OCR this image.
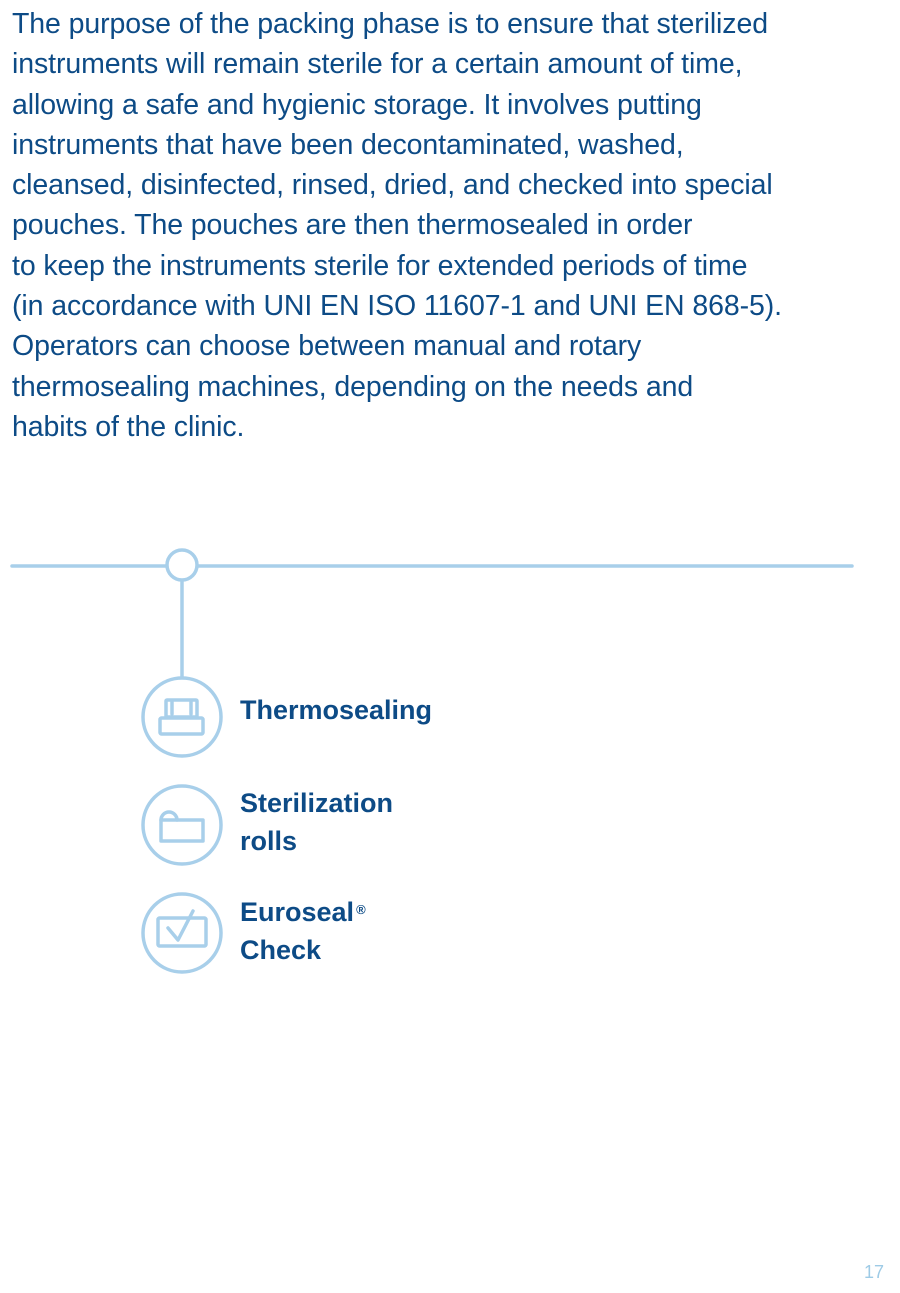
The purpose of the packing phase is to ensure that sterilized
instruments will remain sterile for a certain amount of time,
allowing a safe and hygienic storage. It involves putting
instruments that have been decontaminated, washed,
cleansed, disinfected, rinsed, dried, and checked into special
pouches. The pouches are then thermosealed in order
to keep the instruments sterile for extended periods of time
(in accordance with UNI EN ISO 11607-1 and UNI EN 868-5).
Operators can choose between manual and rotary
thermosealing machines, depending on the needs and
habits of the clinic.

Thermosealing
Sterilization
rolls
Euroseal ®
Check
17
